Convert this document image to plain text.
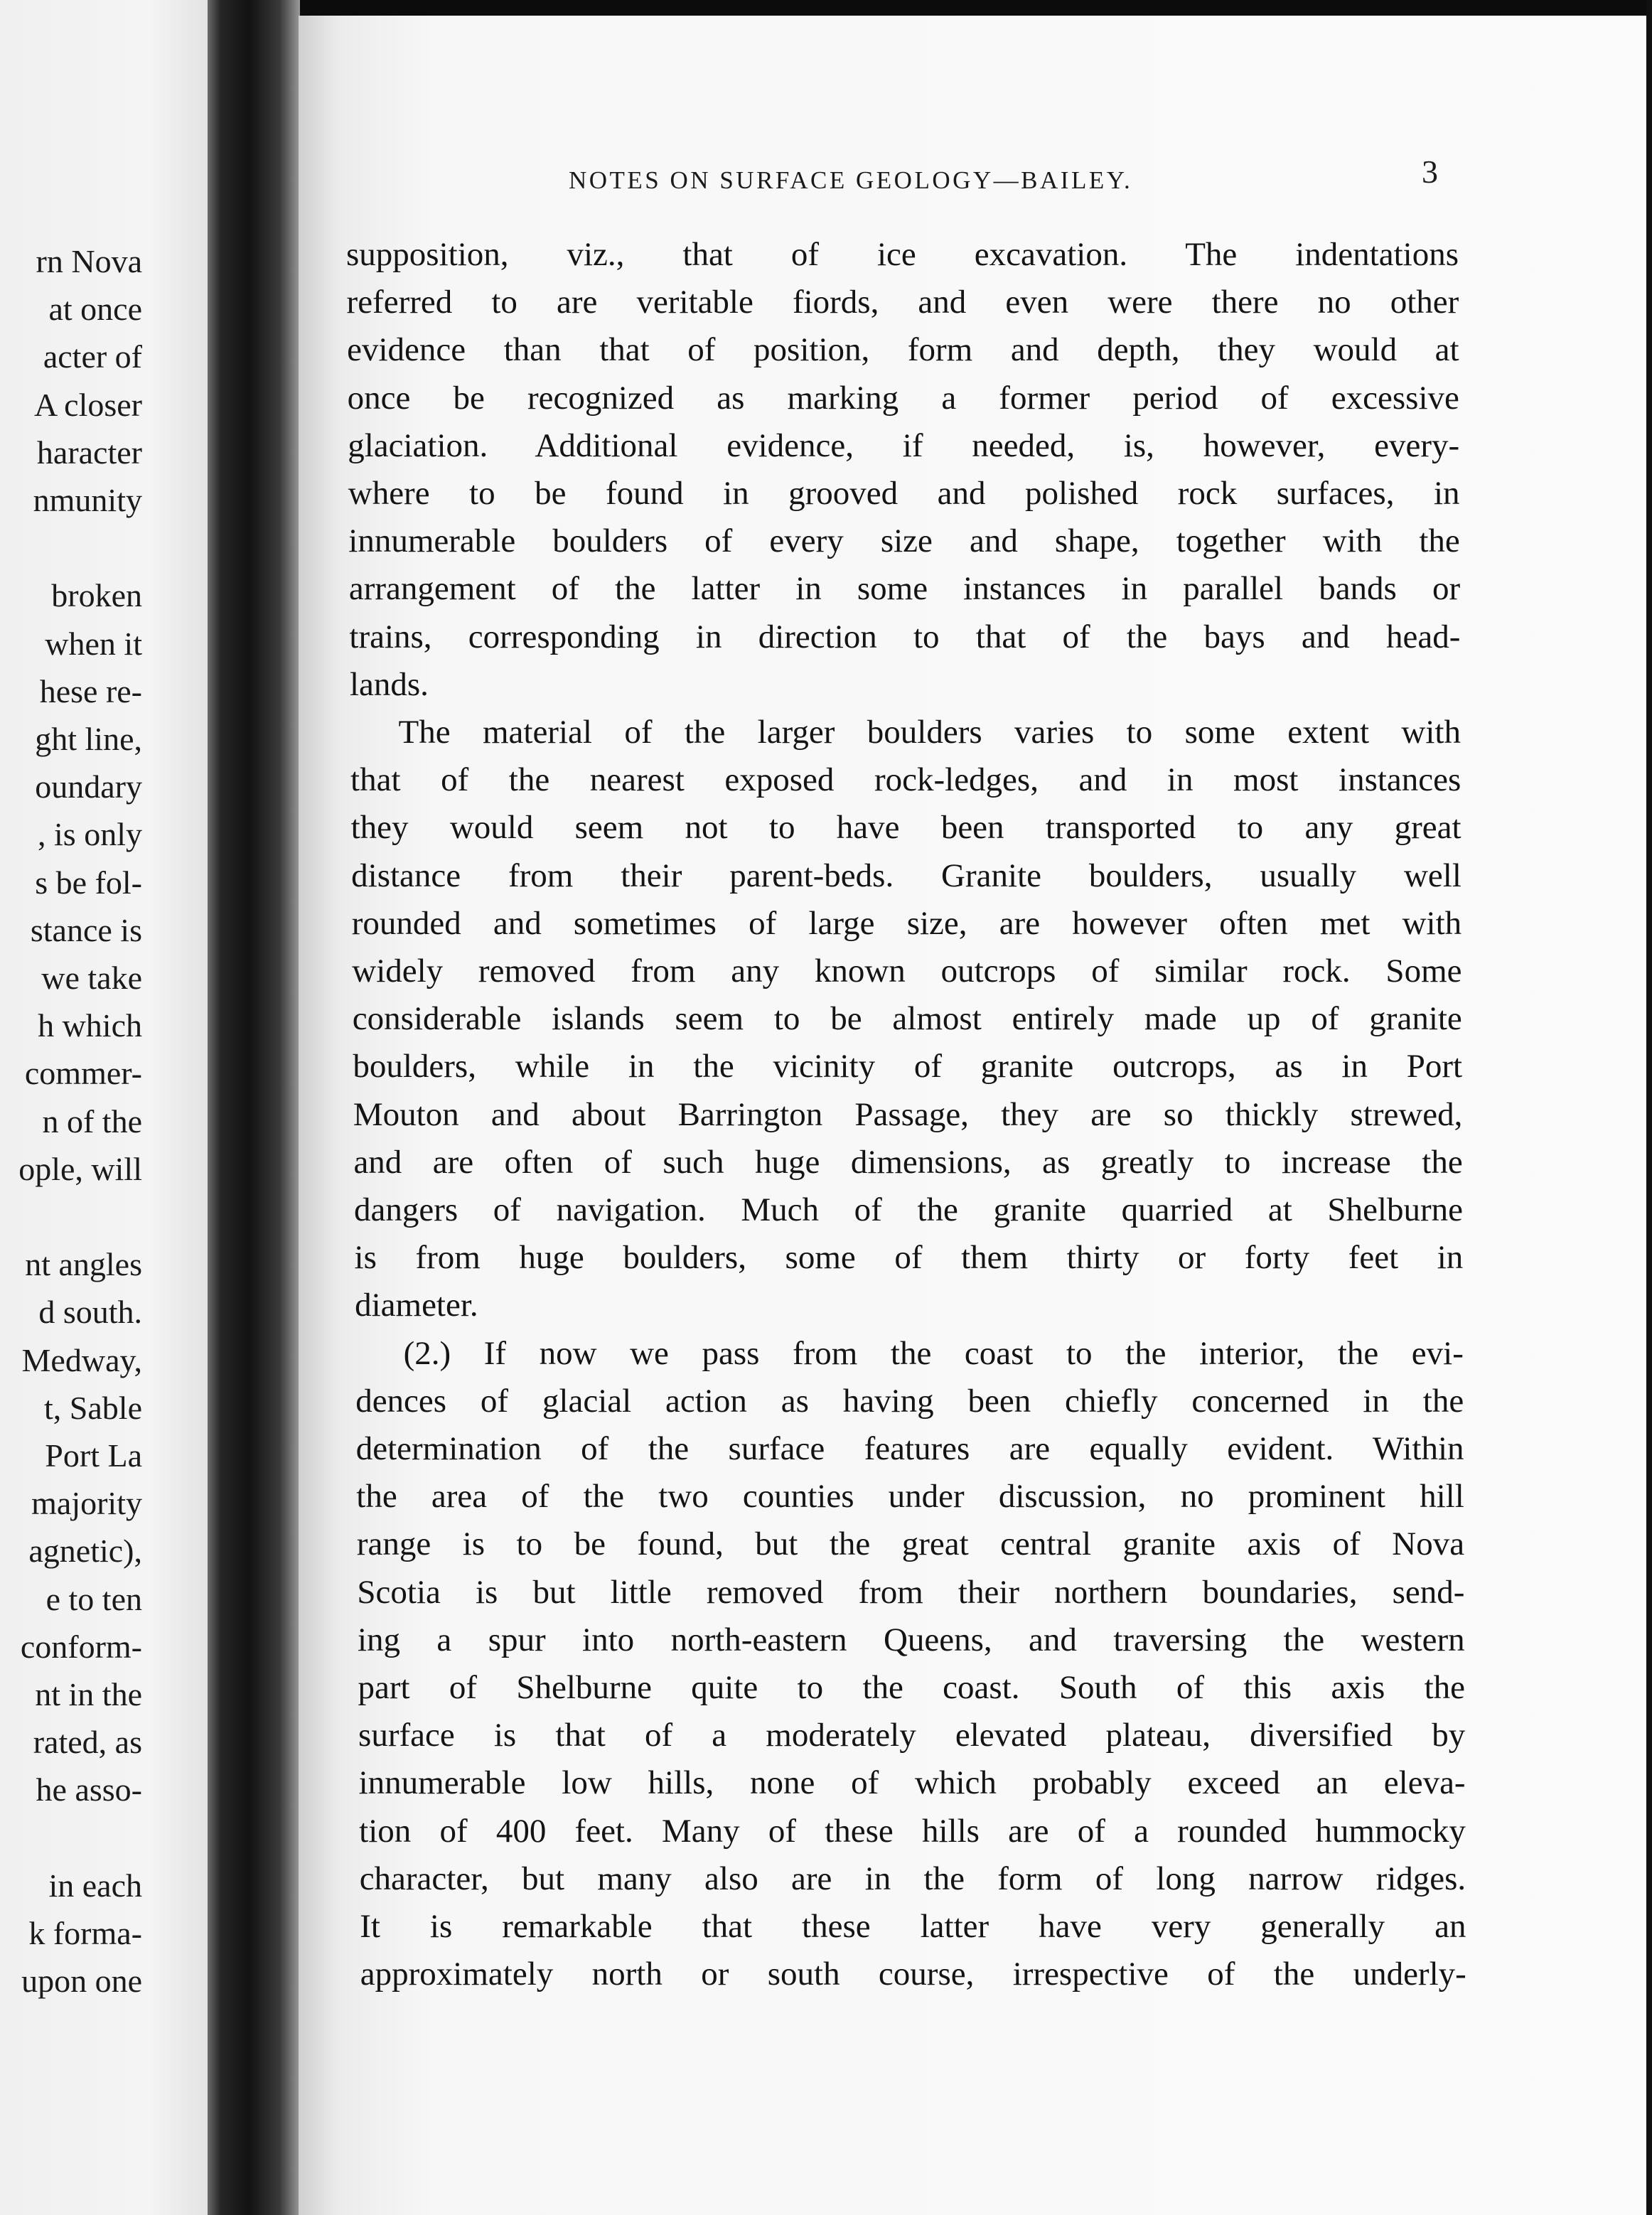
rn Nova
at once
acter of
A closer
haracter
nmunity
broken
when it
hese re-
ght line,
oundary
, is only
s be fol-
stance is
we take
h which
commer-
n of the
ople, will
nt angles
d south.
Medway,
t, Sable
Port La
majority
agnetic),
e to ten
conform-
nt in the
rated, as
he asso-
in each
k forma-
upon one
NOTES ON SURFACE GEOLOGY—BAILEY.	3
supposition, viz., that of ice excavation. The indentations
referred to are veritable fiords, and even were there no other
evidence than that of position, form and depth, they would at
once be recognized as marking a former period of excessive
glaciation. Additional evidence, if needed, is, however, every-
where to be found in grooved and polished rock surfaces, in
innumerable boulders of every size and shape, together with the
arrangement of the latter in some instances in parallel bands or
trains, corresponding in direction to that of the bays and head-
lands.
The material of the larger boulders varies to some extent with
that of the nearest exposed rock-ledges, and in most instances
they would seem not to have been transported to any great
distance from their parent-beds. Granite boulders, usually well
rounded and sometimes of large size, are however often met with
widely removed from any known outcrops of similar rock. Some
considerable islands seem to be almost entirely made up of granite
boulders, while in the vicinity of granite outcrops, as in Port
Mouton and about Barrington Passage, they are so thickly strewed,
and are often of such huge dimensions, as greatly to increase the
dangers of navigation. Much of the granite quarried at Shelburne
is from huge boulders, some of them thirty or forty feet in
diameter.
(2.) If now we pass from the coast to the interior, the evi-
dences of glacial action as having been chiefly concerned in the
determination of the surface features are equally evident. Within
the area of the two counties under discussion, no prominent hill
range is to be found, but the great central granite axis of Nova
Scotia is but little removed from their northern boundaries, send-
ing a spur into north-eastern Queens, and traversing the western
part of Shelburne quite to the coast. South of this axis the
surface is that of a moderately elevated plateau, diversified by
innumerable low hills, none of which probably exceed an eleva-
tion of 400 feet. Many of these hills are of a rounded hummocky
character, but many also are in the form of long narrow ridges.
It is remarkable that these latter have very generally an
approximately north or south course, irrespective of the underly-
